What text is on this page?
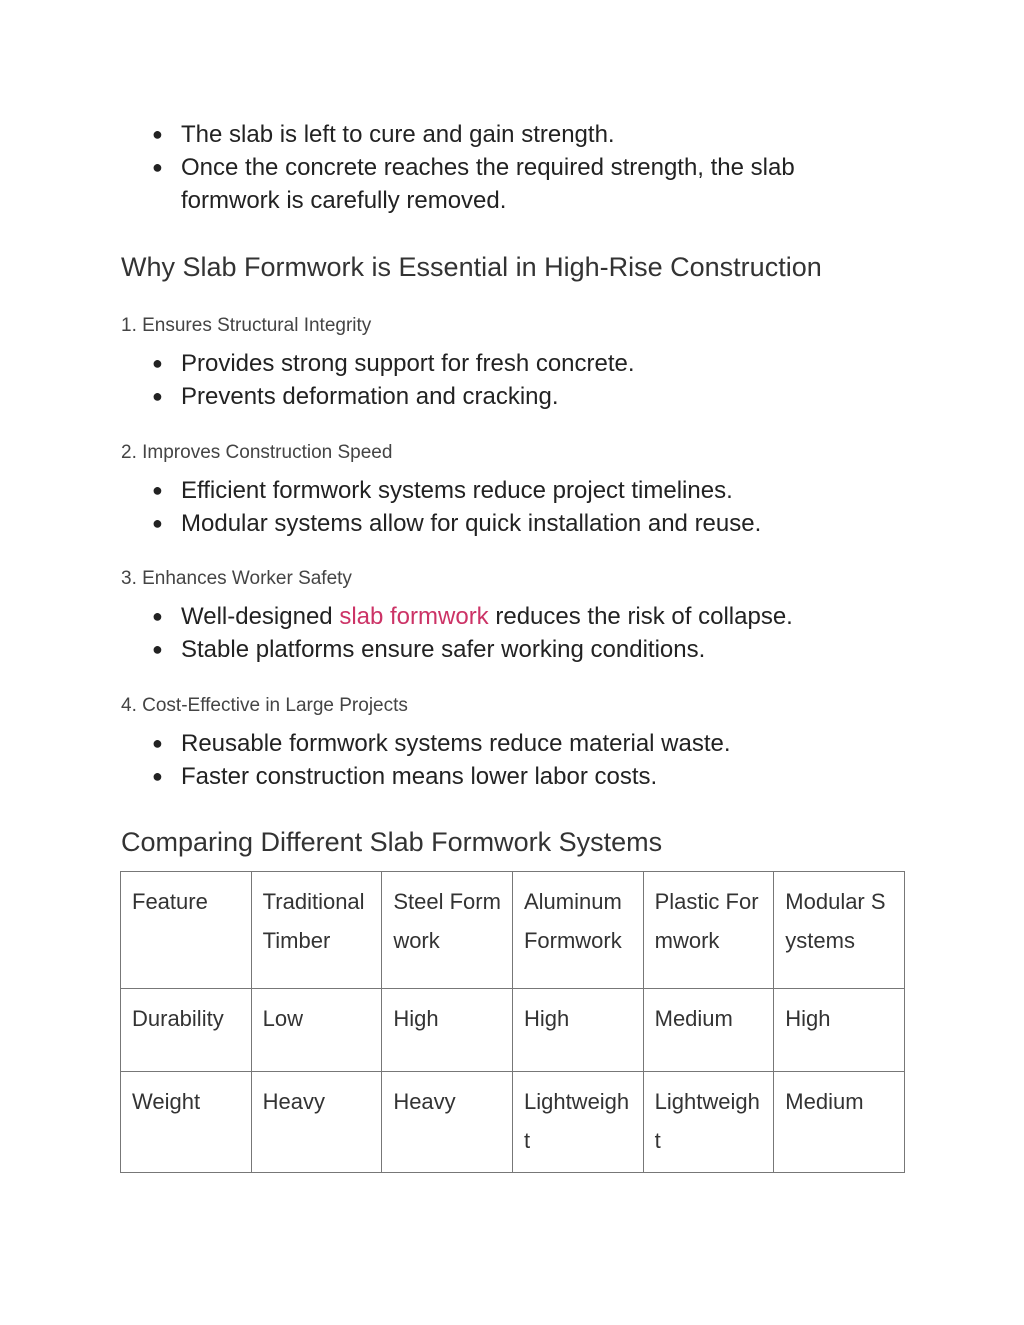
● The slab is left to cure and gain strength.
● Once the concrete reaches the required strength, the slab formwork is carefully removed.
Why Slab Formwork is Essential in High-Rise Construction
1. Ensures Structural Integrity
● Provides strong support for fresh concrete.
● Prevents deformation and cracking.
2. Improves Construction Speed
● Efficient formwork systems reduce project timelines.
● Modular systems allow for quick installation and reuse.
3. Enhances Worker Safety
● Well-designed slab formwork reduces the risk of collapse.
● Stable platforms ensure safer working conditions.
4. Cost-Effective in Large Projects
● Reusable formwork systems reduce material waste.
● Faster construction means lower labor costs.
Comparing Different Slab Formwork Systems
Feature	Traditional Timber	Steel Formwork	Aluminum Formwork	Plastic Formwork	Modular Systems
Durability	Low	High	High	Medium	High
Weight	Heavy	Heavy	Lightweight	Lightweight	Medium
